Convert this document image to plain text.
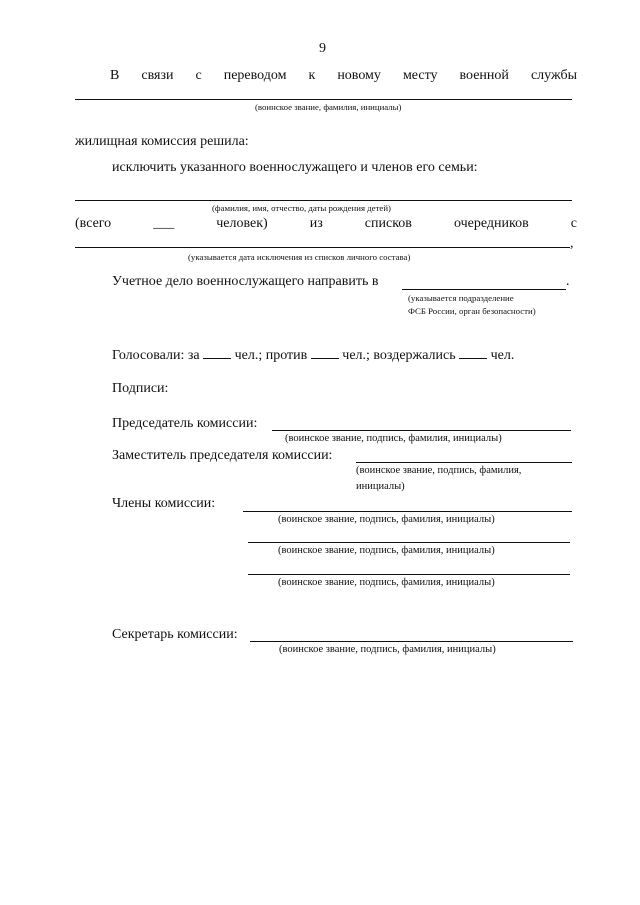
9
В связи с переводом к новому месту военной службы
(воинское звание, фамилия, инициалы)
жилищная комиссия решила:
исключить указанного военнослужащего и членов его семьи:
(фамилия, имя, отчество, даты рождения детей)
(всего	___	человек)	из	списков	очередников	с
,
(указывается дата исключения из списков личного состава)
Учетное дело военнослужащего направить в	.
(указывается подразделение
ФСБ России, орган безопасности)
Голосовали: за	чел.; против	чел.; воздержались	чел.
Подписи:
Председатель комиссии:
(воинское звание, подпись, фамилия, инициалы)
Заместитель председателя комиссии:
(воинское звание, подпись, фамилия,
инициалы)
Члены комиссии:
(воинское звание, подпись, фамилия, инициалы)
(воинское звание, подпись, фамилия, инициалы)
(воинское звание, подпись, фамилия, инициалы)
Секретарь комиссии:
(воинское звание, подпись, фамилия, инициалы)
